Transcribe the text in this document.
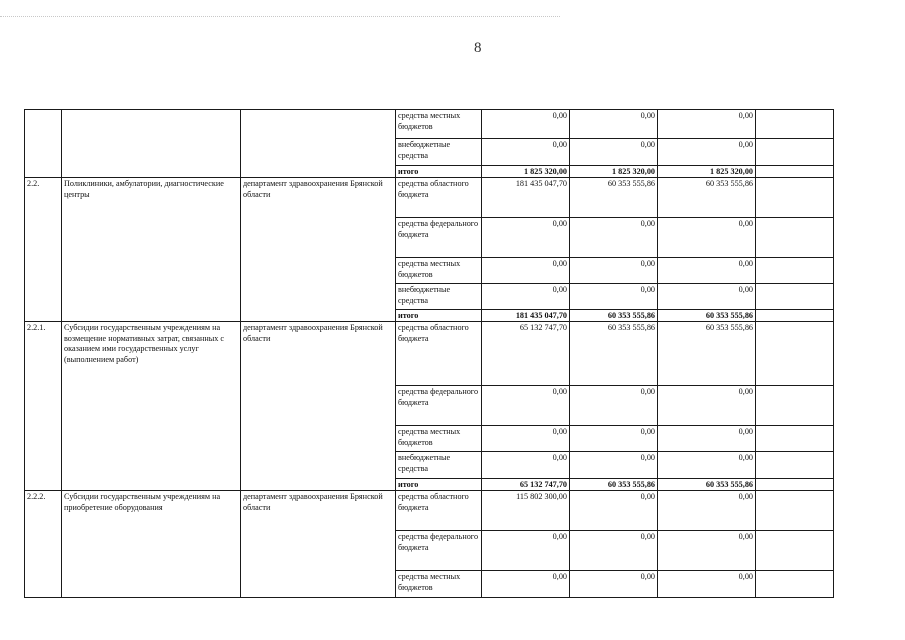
8
			средства местных бюджетов	0,00	0,00	0,00	
			внебюджетные средства	0,00	0,00	0,00	
			итого	1 825 320,00	1 825 320,00	1 825 320,00	
2.2.	Поликлиники, амбулатории, диагностические центры	департамент здравоохранения Брянской области	средства областного бюджета	181 435 047,70	60 353 555,86	60 353 555,86	
			средства федерального бюджета	0,00	0,00	0,00	
			средства местных бюджетов	0,00	0,00	0,00	
			внебюджетные средства	0,00	0,00	0,00	
			итого	181 435 047,70	60 353 555,86	60 353 555,86	
2.2.1.	Субсидии государственным учреждениям на возмещение нормативных затрат, связанных с оказанием ими государственных услуг (выполнением работ)	департамент здравоохранения Брянской области	средства областного бюджета	65 132 747,70	60 353 555,86	60 353 555,86	
			средства федерального бюджета	0,00	0,00	0,00	
			средства местных бюджетов	0,00	0,00	0,00	
			внебюджетные средства	0,00	0,00	0,00	
			итого	65 132 747,70	60 353 555,86	60 353 555,86	
2.2.2.	Субсидии государственным учреждениям на приобретение оборудования	департамент здравоохранения Брянской области	средства областного бюджета	115 802 300,00	0,00	0,00	
			средства федерального бюджета	0,00	0,00	0,00	
			средства местных бюджетов	0,00	0,00	0,00	
